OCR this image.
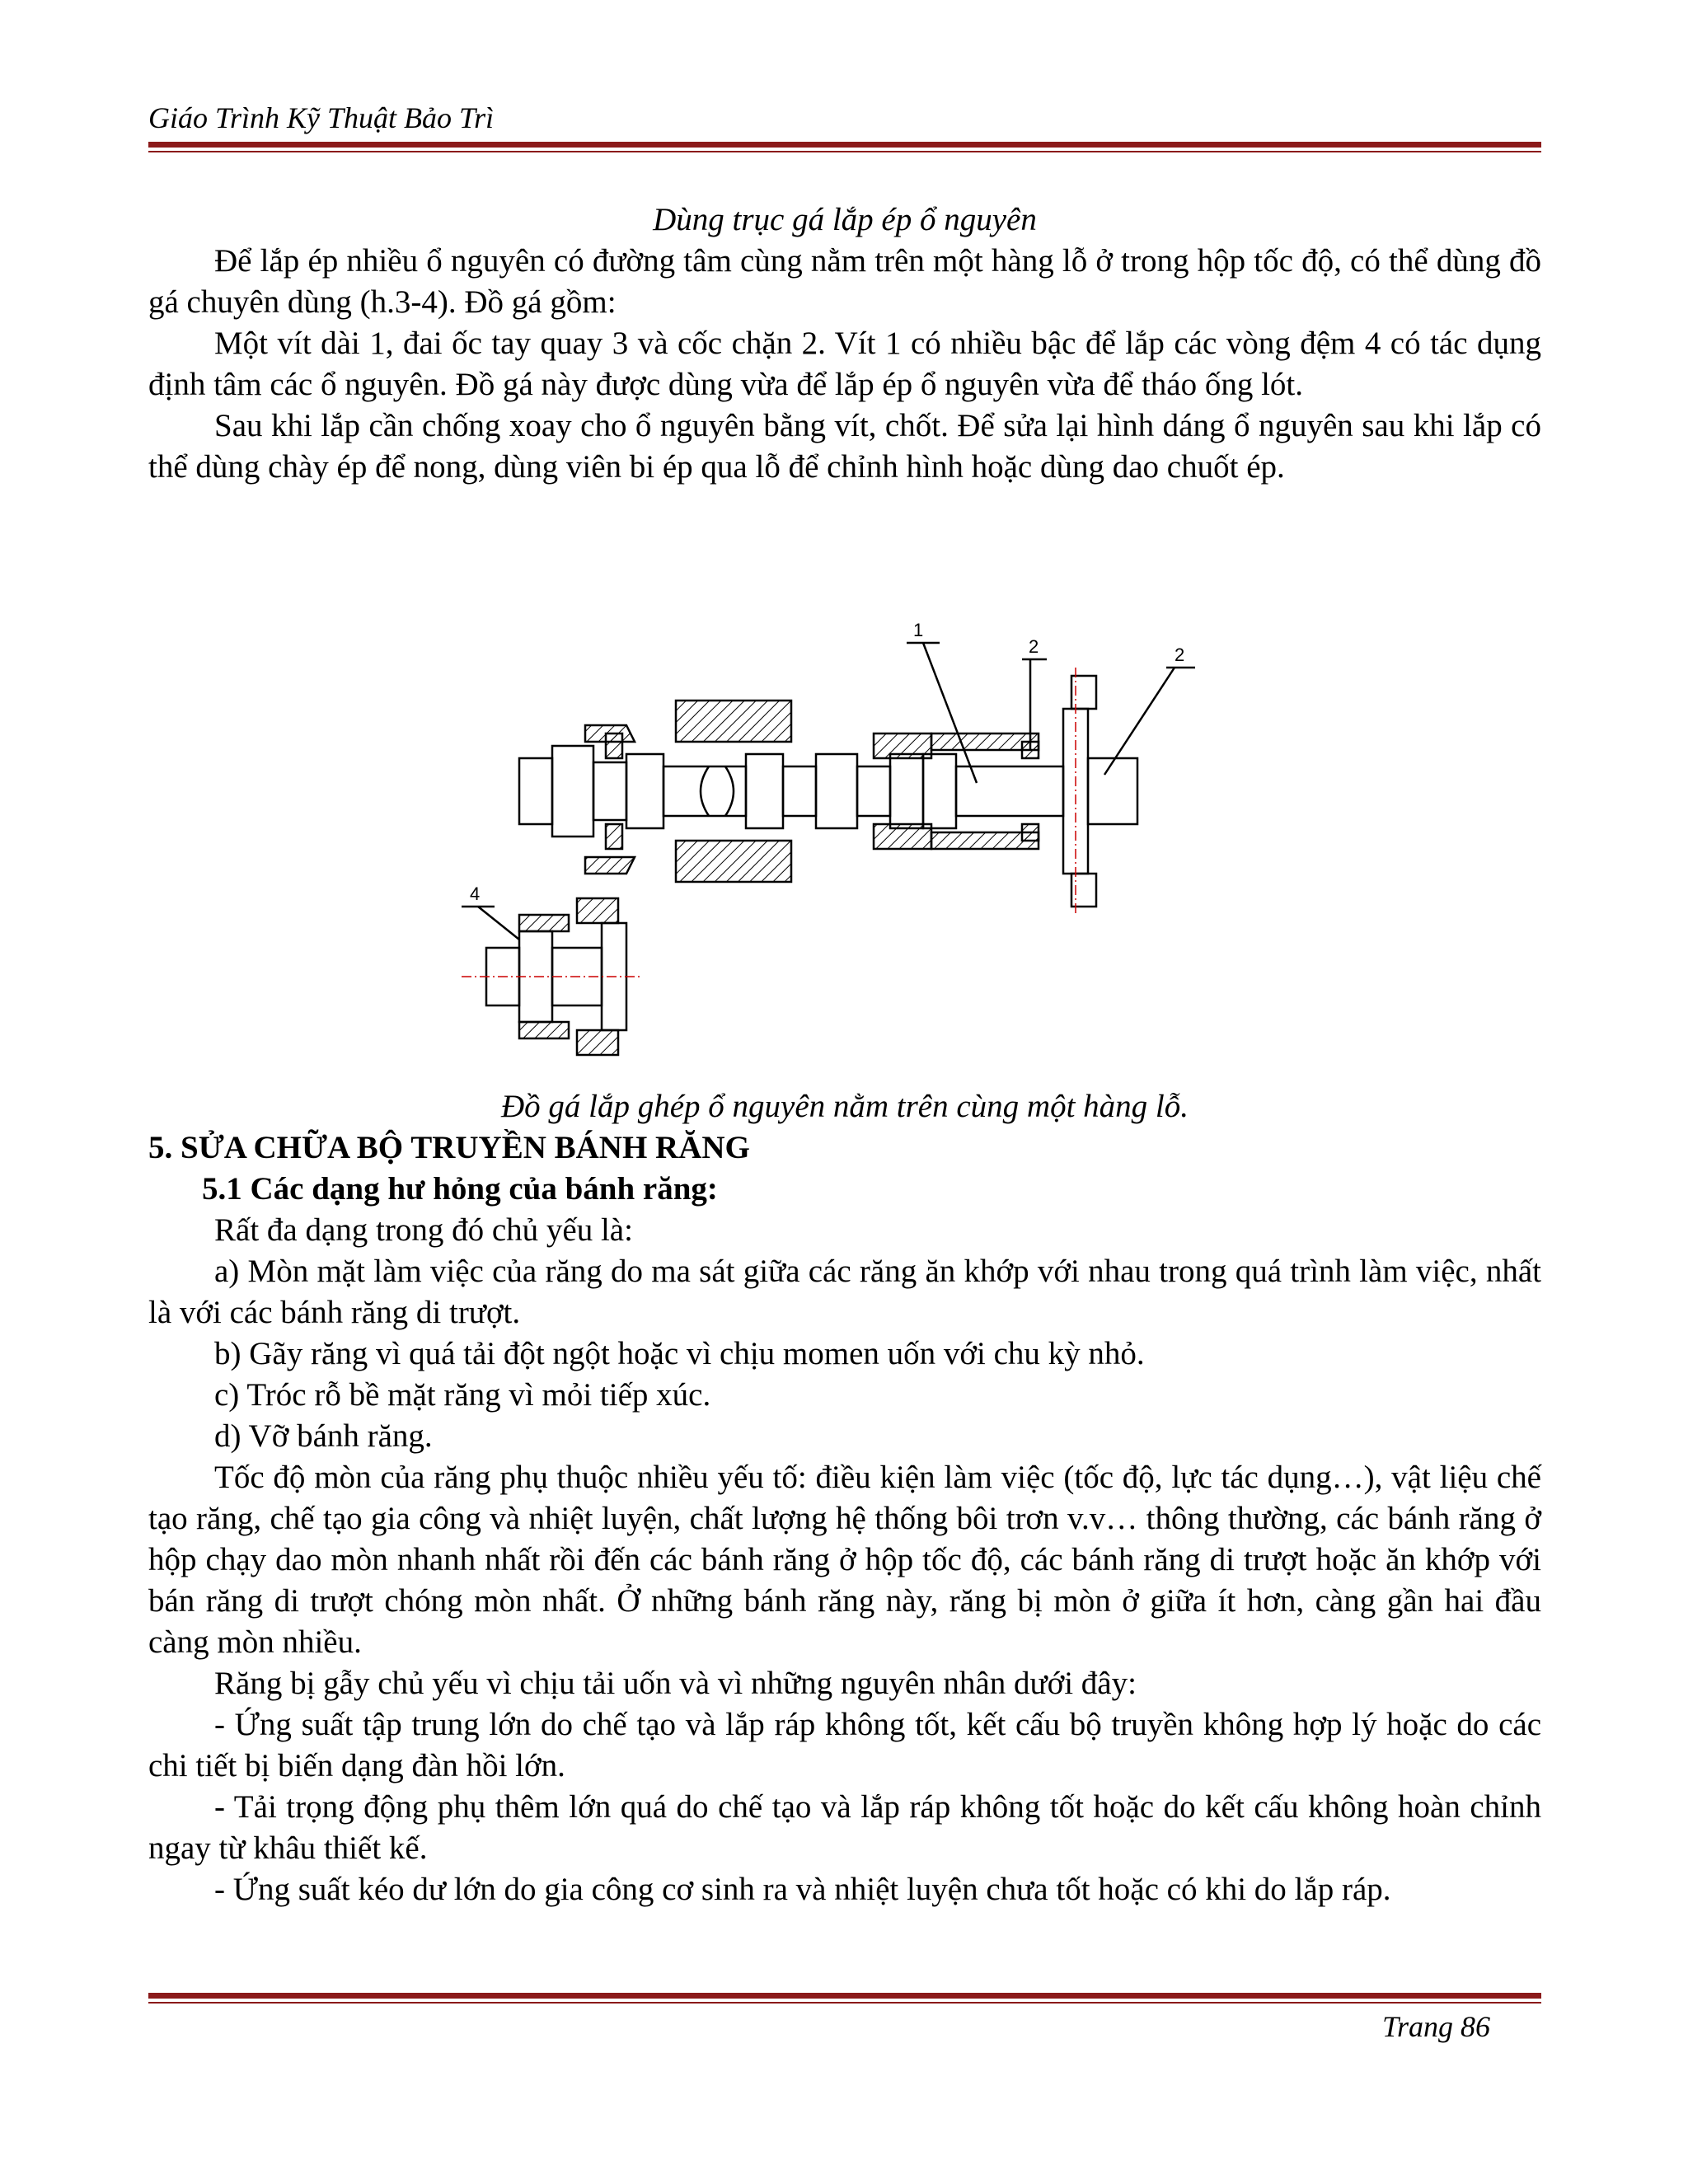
Giáo Trình Kỹ Thuật Bảo Trì

Dùng trục gá lắp ép ổ nguyên

Để lắp ép nhiều ổ nguyên có đường tâm cùng nằm trên một hàng lỗ ở trong hộp tốc độ, có thể dùng đồ gá chuyên dùng (h.3-4). Đồ gá gồm:

Một vít dài 1, đai ốc tay quay 3 và cốc chặn 2. Vít 1 có nhiều bậc để lắp các vòng đệm 4 có tác dụng định tâm các ổ nguyên. Đồ gá này được dùng vừa để lắp ép ổ nguyên vừa để tháo ống lót.

Sau khi lắp cần chống xoay cho ổ nguyên bằng vít, chốt. Để sửa lại hình dáng ổ nguyên sau khi lắp có thể dùng chày ép để nong, dùng viên bi ép qua lỗ để chỉnh hình hoặc dùng dao chuốt ép.

1
2	2
4

Đồ gá lắp ghép ổ nguyên nằm trên cùng một hàng lỗ.

5. SỬA CHỮA BỘ TRUYỀN BÁNH RĂNG

5.1 Các dạng hư hỏng của bánh răng:

Rất đa dạng trong đó chủ yếu là:

a) Mòn mặt làm việc của răng do ma sát giữa các răng ăn khớp với nhau trong quá trình làm việc, nhất là với các bánh răng di trượt.

b) Gãy răng vì quá tải đột ngột hoặc vì chịu momen uốn với chu kỳ nhỏ.

c) Tróc rỗ bề mặt răng vì mỏi tiếp xúc.

d) Vỡ bánh răng.

Tốc độ mòn của răng phụ thuộc nhiều yếu tố: điều kiện làm việc (tốc độ, lực tác dụng…), vật liệu chế tạo răng, chế tạo gia công và nhiệt luyện, chất lượng hệ thống bôi trơn v.v… thông thường, các bánh răng ở hộp chạy dao mòn nhanh nhất rồi đến các bánh răng ở hộp tốc độ, các bánh răng di trượt hoặc ăn khớp với bán răng di trượt chóng mòn nhất. Ở những bánh răng này, răng bị mòn ở giữa ít hơn, càng gần hai đầu càng mòn nhiều.

Răng bị gẫy chủ yếu vì chịu tải uốn và vì những nguyên nhân dưới đây:

- Ứng suất tập trung lớn do chế tạo và lắp ráp không tốt, kết cấu bộ truyền không hợp lý hoặc do các chi tiết bị biến dạng đàn hồi lớn.

- Tải trọng động phụ thêm lớn quá do chế tạo và lắp ráp không tốt hoặc do kết cấu không hoàn chỉnh ngay từ khâu thiết kế.

- Ứng suất kéo dư lớn do gia công cơ sinh ra và nhiệt luyện chưa tốt hoặc có khi do lắp ráp.

Trang 86
